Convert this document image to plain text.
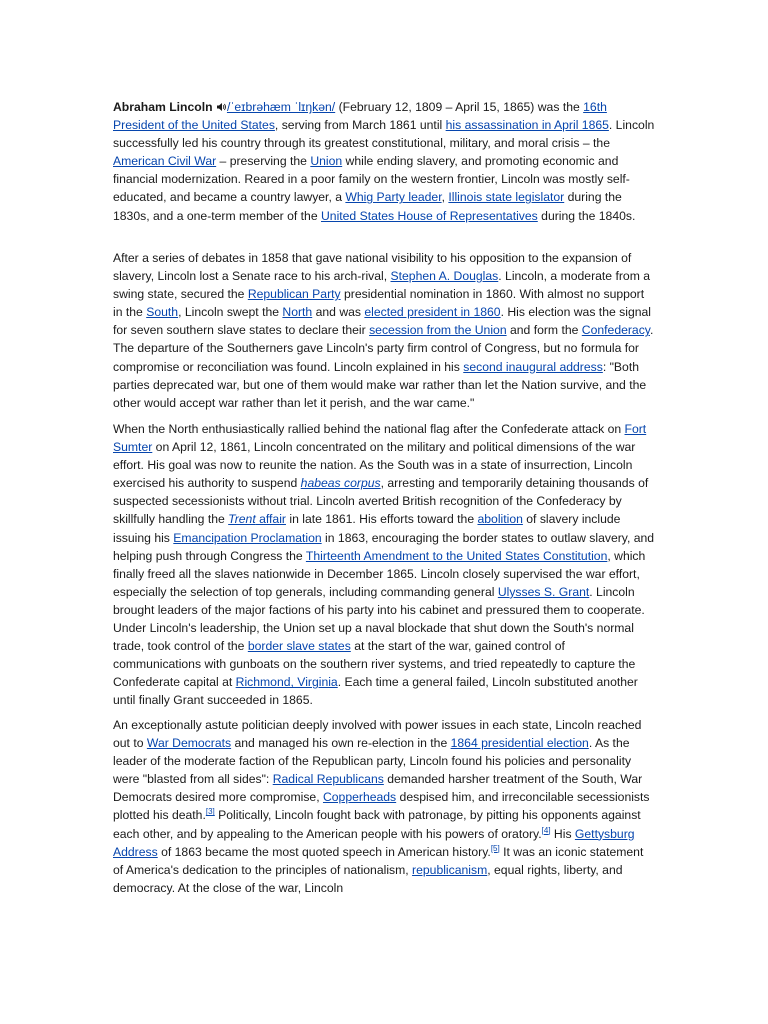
Abraham Lincoln /ˈeɪbrəhæm ˈlɪŋkən/ (February 12, 1809 – April 15, 1865) was the 16th President of the United States, serving from March 1861 until his assassination in April 1865. Lincoln successfully led his country through its greatest constitutional, military, and moral crisis – the American Civil War – preserving the Union while ending slavery, and promoting economic and financial modernization. Reared in a poor family on the western frontier, Lincoln was mostly self-educated, and became a country lawyer, a Whig Party leader, Illinois state legislator during the 1830s, and a one-term member of the United States House of Representatives during the 1840s.

After a series of debates in 1858 that gave national visibility to his opposition to the expansion of slavery, Lincoln lost a Senate race to his arch-rival, Stephen A. Douglas. Lincoln, a moderate from a swing state, secured the Republican Party presidential nomination in 1860. With almost no support in the South, Lincoln swept the North and was elected president in 1860. His election was the signal for seven southern slave states to declare their secession from the Union and form the Confederacy. The departure of the Southerners gave Lincoln's party firm control of Congress, but no formula for compromise or reconciliation was found. Lincoln explained in his second inaugural address: "Both parties deprecated war, but one of them would make war rather than let the Nation survive, and the other would accept war rather than let it perish, and the war came."

When the North enthusiastically rallied behind the national flag after the Confederate attack on Fort Sumter on April 12, 1861, Lincoln concentrated on the military and political dimensions of the war effort. His goal was now to reunite the nation. As the South was in a state of insurrection, Lincoln exercised his authority to suspend habeas corpus, arresting and temporarily detaining thousands of suspected secessionists without trial. Lincoln averted British recognition of the Confederacy by skillfully handling the Trent affair in late 1861. His efforts toward the abolition of slavery include issuing his Emancipation Proclamation in 1863, encouraging the border states to outlaw slavery, and helping push through Congress the Thirteenth Amendment to the United States Constitution, which finally freed all the slaves nationwide in December 1865. Lincoln closely supervised the war effort, especially the selection of top generals, including commanding general Ulysses S. Grant. Lincoln brought leaders of the major factions of his party into his cabinet and pressured them to cooperate. Under Lincoln's leadership, the Union set up a naval blockade that shut down the South's normal trade, took control of the border slave states at the start of the war, gained control of communications with gunboats on the southern river systems, and tried repeatedly to capture the Confederate capital at Richmond, Virginia. Each time a general failed, Lincoln substituted another until finally Grant succeeded in 1865.

An exceptionally astute politician deeply involved with power issues in each state, Lincoln reached out to War Democrats and managed his own re-election in the 1864 presidential election. As the leader of the moderate faction of the Republican party, Lincoln found his policies and personality were "blasted from all sides": Radical Republicans demanded harsher treatment of the South, War Democrats desired more compromise, Copperheads despised him, and irreconcilable secessionists plotted his death.[3] Politically, Lincoln fought back with patronage, by pitting his opponents against each other, and by appealing to the American people with his powers of oratory.[4] His Gettysburg Address of 1863 became the most quoted speech in American history.[5] It was an iconic statement of America's dedication to the principles of nationalism, republicanism, equal rights, liberty, and democracy. At the close of the war, Lincoln
